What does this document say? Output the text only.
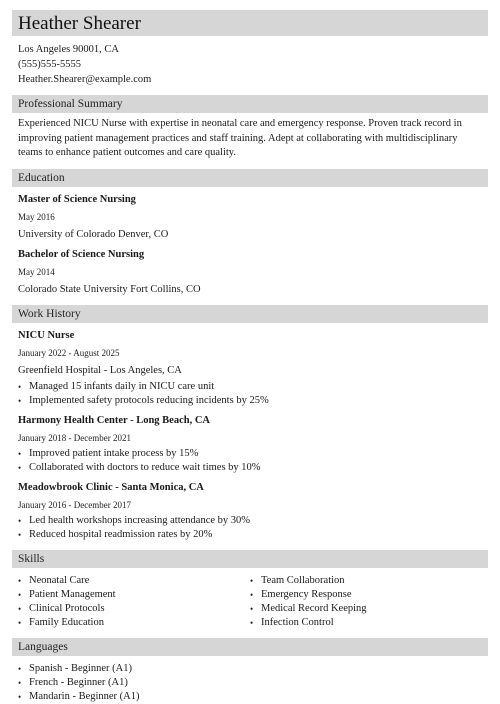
Heather Shearer
Los Angeles 90001, CA
(555)555-5555
Heather.Shearer@example.com
Professional Summary
Experienced NICU Nurse with expertise in neonatal care and emergency response. Proven track record in improving patient management practices and staff training. Adept at collaborating with multidisciplinary teams to enhance patient outcomes and care quality.
Education
Master of Science Nursing
May 2016
University of Colorado Denver, CO
Bachelor of Science Nursing
May 2014
Colorado State University Fort Collins, CO
Work History
NICU Nurse
January 2022 - August 2025
Greenfield Hospital - Los Angeles, CA
• Managed 15 infants daily in NICU care unit
• Implemented safety protocols reducing incidents by 25%
Harmony Health Center - Long Beach, CA
January 2018 - December 2021
• Improved patient intake process by 15%
• Collaborated with doctors to reduce wait times by 10%
Meadowbrook Clinic - Santa Monica, CA
January 2016 - December 2017
• Led health workshops increasing attendance by 30%
• Reduced hospital readmission rates by 20%
Skills
• Neonatal Care
• Patient Management
• Clinical Protocols
• Family Education
• Team Collaboration
• Emergency Response
• Medical Record Keeping
• Infection Control
Languages
• Spanish - Beginner (A1)
• French - Beginner (A1)
• Mandarin - Beginner (A1)
